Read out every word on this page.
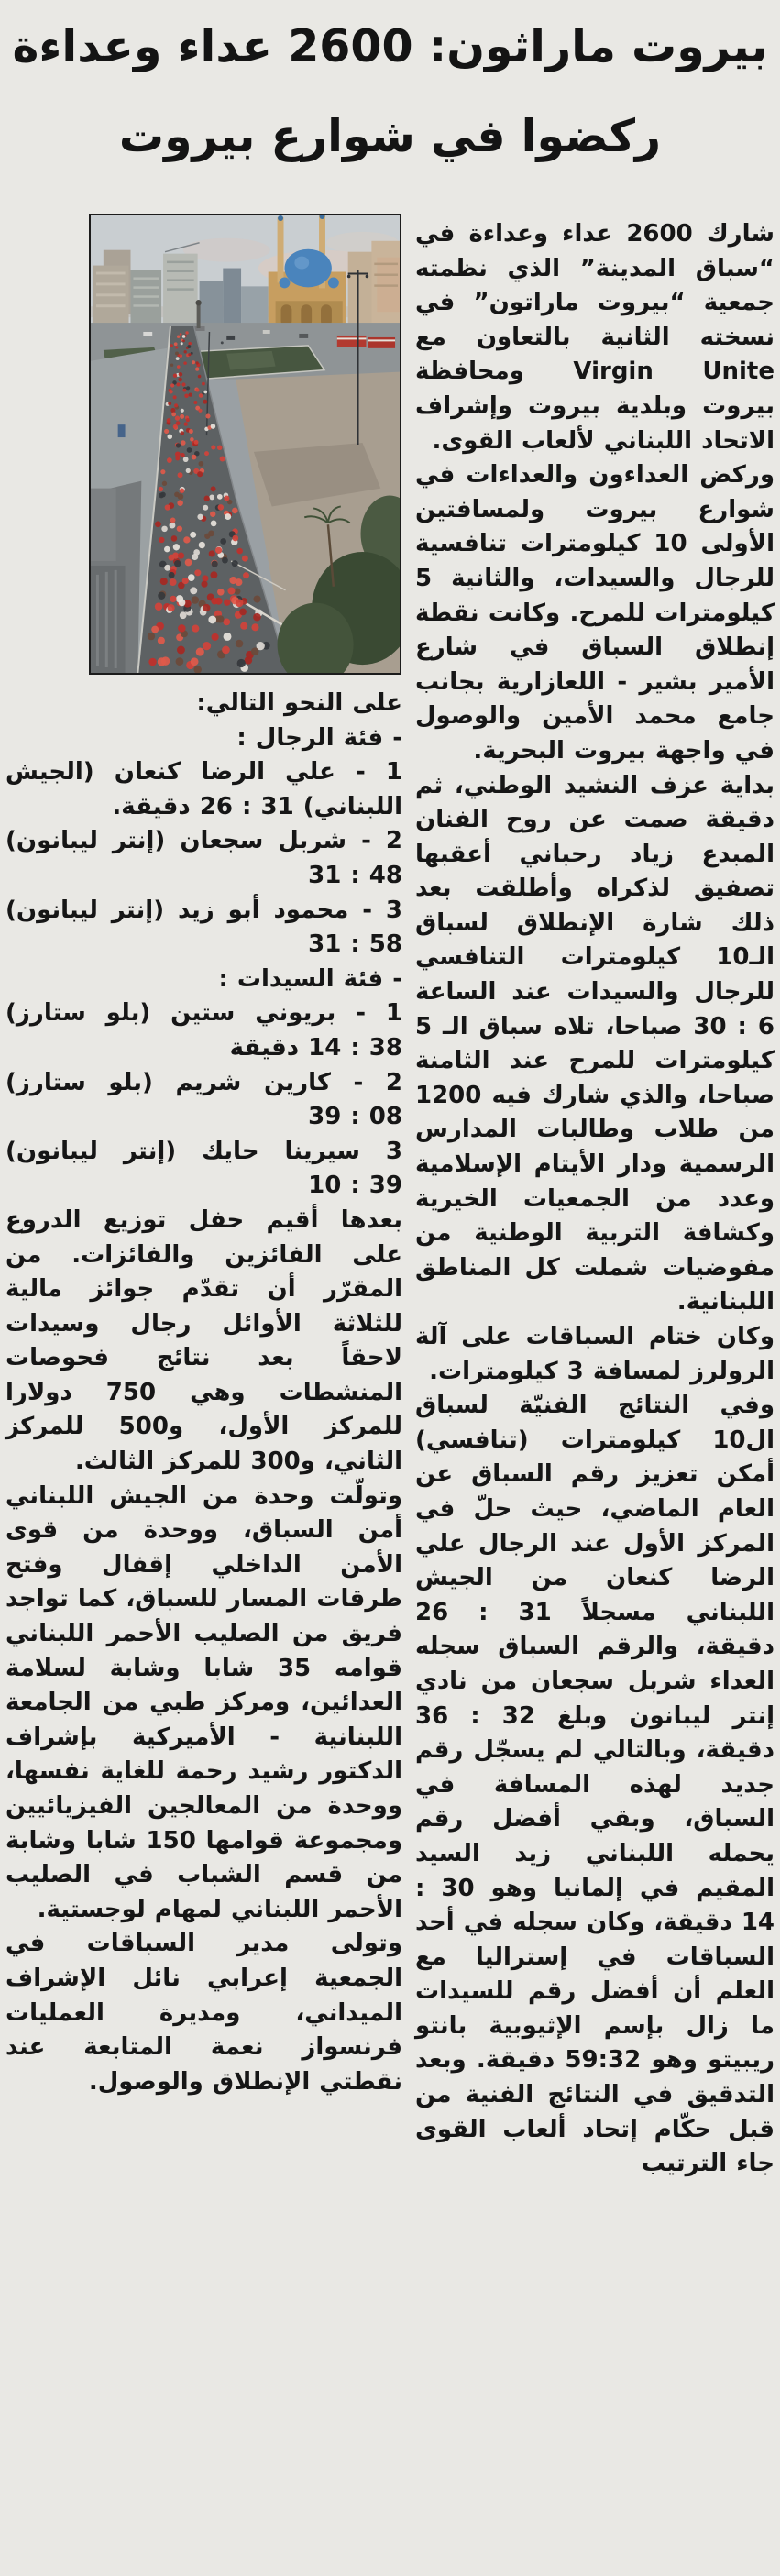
بيروت ماراثون: 2600 عداء وعداءة
ركضوا في شوارع بيروت

شارك 2600 عداء وعداءة في “سباق المدينة” الذي نظمته جمعية “بيروت ماراتون” في نسخته الثانية بالتعاون مع Virgin Unite ومحافظة بيروت وبلدية بيروت وإشراف الاتحاد اللبناني لألعاب القوى.

وركض العداءون والعداءات في شوارع بيروت ولمسافتين الأولى 10 كيلومترات تنافسية للرجال والسيدات، والثانية 5 كيلومترات للمرح. وكانت نقطة إنطلاق السباق في شارع الأمير بشير - اللعازارية بجانب جامع محمد الأمين والوصول في واجهة بيروت البحرية.

بداية عزف النشيد الوطني، ثم دقيقة صمت عن روح الفنان المبدع زياد رحباني أعقبها تصفيق لذكراه وأطلقت بعد ذلك شارة الإنطلاق لسباق الـ10 كيلومترات التنافسي للرجال والسيدات عند الساعة 6 : 30 صباحا، تلاه سباق الـ 5 كيلومترات للمرح عند الثامنة صباحا، والذي شارك فيه 1200 من طلاب وطالبات المدارس الرسمية ودار الأيتام الإسلامية وعدد من الجمعيات الخيرية وكشافة التربية الوطنية من مفوضيات شملت كل المناطق اللبنانية.

وكان ختام السباقات على آلة الرولرز لمسافة 3 كيلومترات.

وفي النتائج الفنيّة لسباق ال10 كيلومترات (تنافسي) أمكن تعزيز رقم السباق عن العام الماضي، حيث حلّ في المركز الأول عند الرجال علي الرضا كنعان من الجيش اللبناني مسجلاً 31 : 26 دقيقة، والرقم السباق سجله العداء شربل سجعان من نادي إنتر ليبانون وبلغ 32 : 36 دقيقة، وبالتالي لم يسجّل رقم جديد لهذه المسافة في السباق، وبقي أفضل رقم يحمله اللبناني زيد السيد المقيم في إلمانيا وهو 30 : 14 دقيقة، وكان سجله في أحد السباقات في إستراليا مع العلم أن أفضل رقم للسيدات ما زال بإسم الإثيوبية بانتو ريبيتو وهو 59:32 دقيقة. وبعد التدقيق في النتائج الفنية من قبل حكّام إتحاد ألعاب القوى جاء الترتيب

على النحو التالي:

- فئة الرجال :

1 - علي الرضا كنعان (الجيش اللبناني) 26 : 31 دقيقة.

2 - شربل سجعان (إنتر ليبانون) 31 : 48

3 - محمود أبو زيد (إنتر ليبانون) 31 : 58

- فئة السيدات :

1 - بريوني ستين (بلو ستارز) 14 : 38 دقيقة

2 - كارين شريم (بلو ستارز) 39 : 08

3 سيرينا حايك (إنتر ليبانون) 10 : 39

بعدها أقيم حفل توزيع الدروع على الفائزين والفائزات. من المقرّر أن تقدّم جوائز مالية للثلاثة الأوائل رجال وسيدات لاحقاً بعد نتائج فحوصات المنشطات وهي 750 دولارا للمركز الأول، و500 للمركز الثاني، و300 للمركز الثالث.

وتولّت وحدة من الجيش اللبناني أمن السباق، ووحدة من قوى الأمن الداخلي إقفال وفتح طرقات المسار للسباق، كما تواجد فريق من الصليب الأحمر اللبناني قوامه 35 شابا وشابة لسلامة العدائين، ومركز طبي من الجامعة اللبنانية - الأميركية بإشراف الدكتور رشيد رحمة للغاية نفسها، ووحدة من المعالجين الفيزيائيين ومجموعة قوامها 150 شابا وشابة من قسم الشباب في الصليب الأحمر اللبناني لمهام لوجستية.

وتولى مدير السباقات في الجمعية إعرابي نائل الإشراف الميداني، ومديرة العمليات فرنسواز نعمة المتابعة عند نقطتي الإنطلاق والوصول.
